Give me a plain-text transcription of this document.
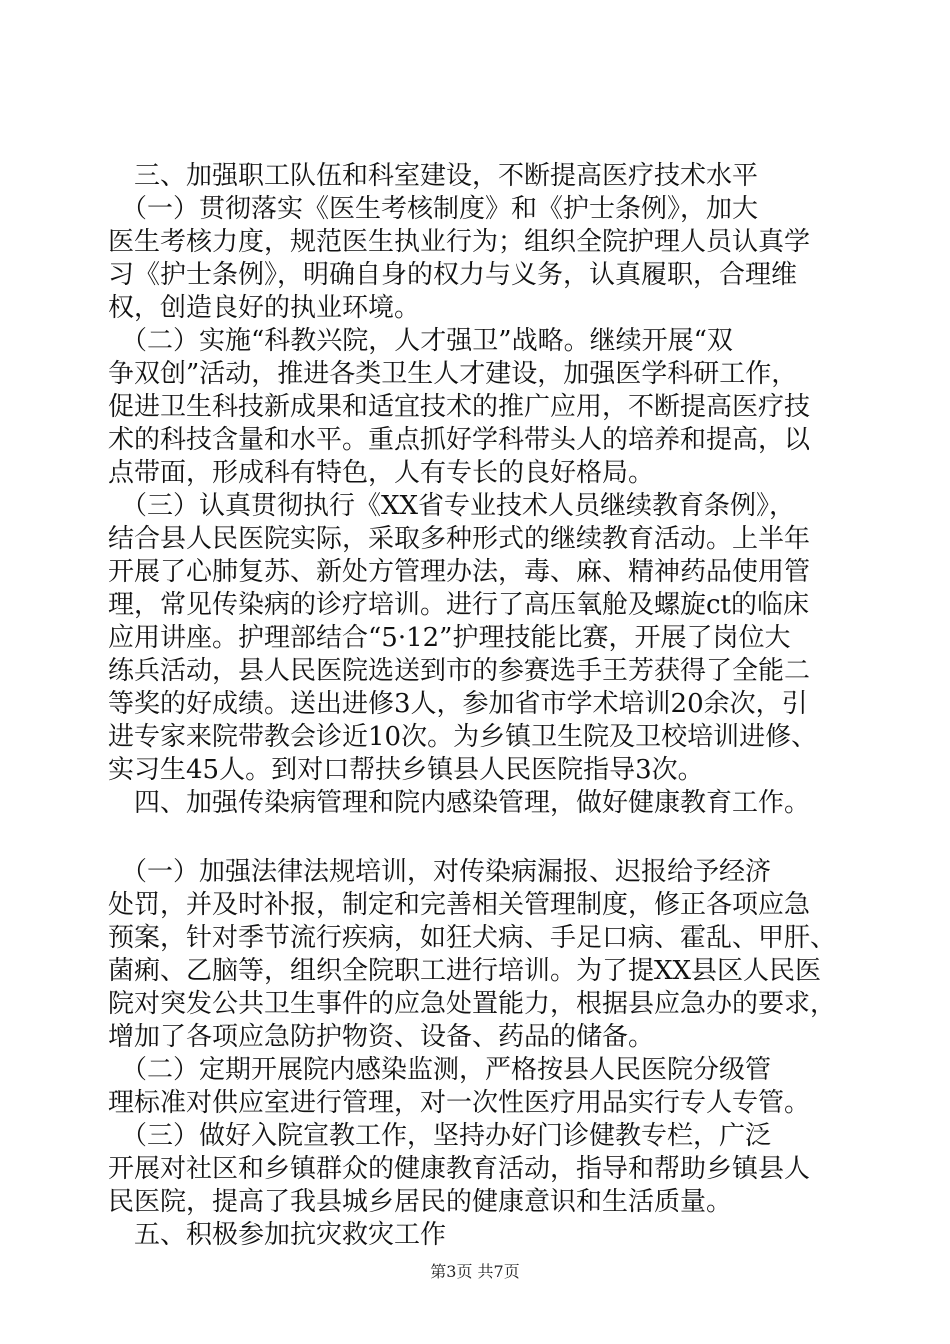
　三、加强职工队伍和科室建设，不断提高医疗技术水平
　（一）贯彻落实《医生考核制度》和《护士条例》，加大
医生考核力度，规范医生执业行为；组织全院护理人员认真学
习《护士条例》，明确自身的权力与义务，认真履职，合理维
权，创造良好的执业环境。
　（二）实施“科教兴院，人才强卫”战略。继续开展“双
争双创”活动，推进各类卫生人才建设，加强医学科研工作，
促进卫生科技新成果和适宜技术的推广应用，不断提高医疗技
术的科技含量和水平。重点抓好学科带头人的培养和提高，以
点带面，形成科有特色，人有专长的良好格局。
　（三）认真贯彻执行《XX省专业技术人员继续教育条例》，
结合县人民医院实际，采取多种形式的继续教育活动。上半年
开展了心肺复苏、新处方管理办法，毒、麻、精神药品使用管
理，常见传染病的诊疗培训。进行了高压氧舱及螺旋ct的临床
应用讲座。护理部结合“5·12”护理技能比赛，开展了岗位大
练兵活动，县人民医院选送到市的参赛选手王芳获得了全能二
等奖的好成绩。送出进修3人，参加省市学术培训20余次，引
进专家来院带教会诊近10次。为乡镇卫生院及卫校培训进修、
实习生45人。到对口帮扶乡镇县人民医院指导3次。
　四、加强传染病管理和院内感染管理，做好健康教育工作。
　（一）加强法律法规培训，对传染病漏报、迟报给予经济
处罚，并及时补报，制定和完善相关管理制度，修正各项应急
预案，针对季节流行疾病，如狂犬病、手足口病、霍乱、甲肝、
菌痢、乙脑等，组织全院职工进行培训。为了提XX县区人民医
院对突发公共卫生事件的应急处置能力，根据县应急办的要求，
增加了各项应急防护物资、设备、药品的储备。
　（二）定期开展院内感染监测，严格按县人民医院分级管
理标准对供应室进行管理，对一次性医疗用品实行专人专管。
　（三）做好入院宣教工作，坚持办好门诊健教专栏，广泛
开展对社区和乡镇群众的健康教育活动，指导和帮助乡镇县人
民医院，提高了我县城乡居民的健康意识和生活质量。
　五、积极参加抗灾救灾工作
第3页 共7页
